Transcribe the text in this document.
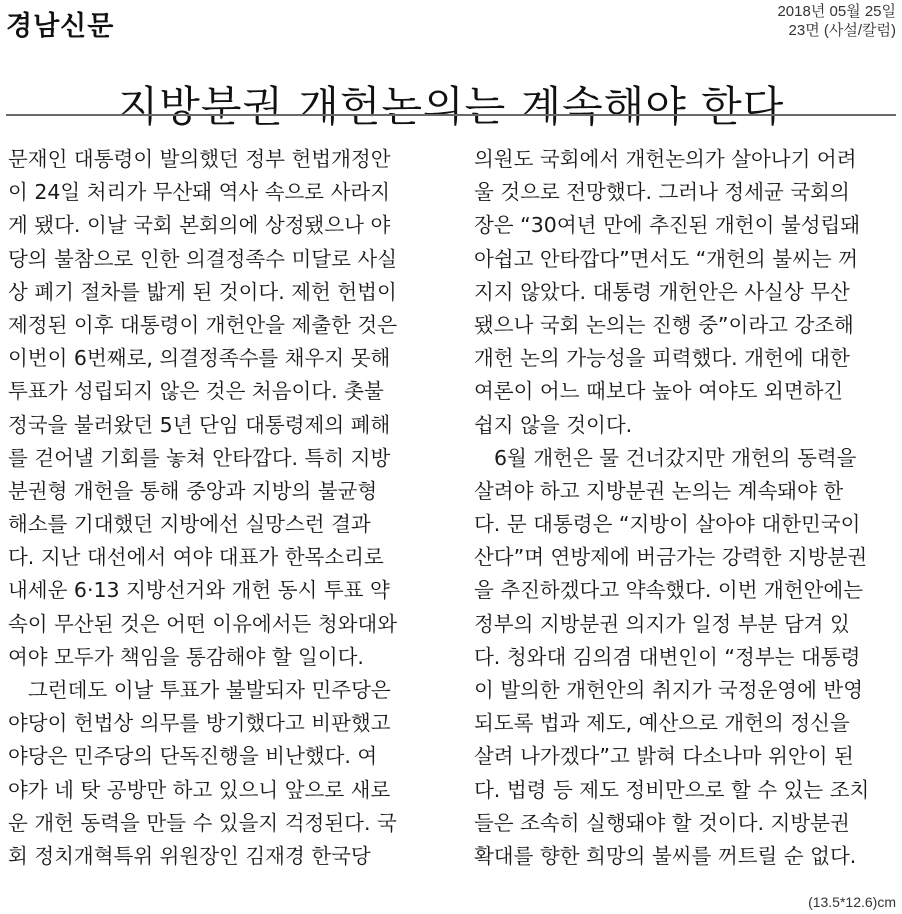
경남신문	2018년 05월 25일
23면 (사설/칼럼)
지방분권 개헌논의는 계속해야 한다
문재인 대통령이 발의했던 정부 헌법개정안
이 24일 처리가 무산돼 역사 속으로 사라지
게 됐다. 이날 국회 본회의에 상정됐으나 야
당의 불참으로 인한 의결정족수 미달로 사실
상 폐기 절차를 밟게 된 것이다. 제헌 헌법이
제정된 이후 대통령이 개헌안을 제출한 것은
이번이 6번째로, 의결정족수를 채우지 못해
투표가 성립되지 않은 것은 처음이다. 촛불
정국을 불러왔던 5년 단임 대통령제의 폐해
를 걷어낼 기회를 놓쳐 안타깝다. 특히 지방
분권형 개헌을 통해 중앙과 지방의 불균형
해소를 기대했던 지방에선 실망스런 결과
다. 지난 대선에서 여야 대표가 한목소리로
내세운 6·13 지방선거와 개헌 동시 투표 약
속이 무산된 것은 어떤 이유에서든 청와대와
여야 모두가 책임을 통감해야 할 일이다.
그런데도 이날 투표가 불발되자 민주당은
야당이 헌법상 의무를 방기했다고 비판했고
야당은 민주당의 단독진행을 비난했다. 여
야가 네 탓 공방만 하고 있으니 앞으로 새로
운 개헌 동력을 만들 수 있을지 걱정된다. 국
회 정치개혁특위 위원장인 김재경 한국당
의원도 국회에서 개헌논의가 살아나기 어려
울 것으로 전망했다. 그러나 정세균 국회의
장은 “30여년 만에 추진된 개헌이 불성립돼
아쉽고 안타깝다”면서도 “개헌의 불씨는 꺼
지지 않았다. 대통령 개헌안은 사실상 무산
됐으나 국회 논의는 진행 중”이라고 강조해
개헌 논의 가능성을 피력했다. 개헌에 대한
여론이 어느 때보다 높아 여야도 외면하긴
쉽지 않을 것이다.
6월 개헌은 물 건너갔지만 개헌의 동력을
살려야 하고 지방분권 논의는 계속돼야 한
다. 문 대통령은 “지방이 살아야 대한민국이
산다”며 연방제에 버금가는 강력한 지방분권
을 추진하겠다고 약속했다. 이번 개헌안에는
정부의 지방분권 의지가 일정 부분 담겨 있
다. 청와대 김의겸 대변인이 “정부는 대통령
이 발의한 개헌안의 취지가 국정운영에 반영
되도록 법과 제도, 예산으로 개헌의 정신을
살려 나가겠다”고 밝혀 다소나마 위안이 된
다. 법령 등 제도 정비만으로 할 수 있는 조치
들은 조속히 실행돼야 할 것이다. 지방분권
확대를 향한 희망의 불씨를 꺼트릴 순 없다.
(13.5*12.6)cm
